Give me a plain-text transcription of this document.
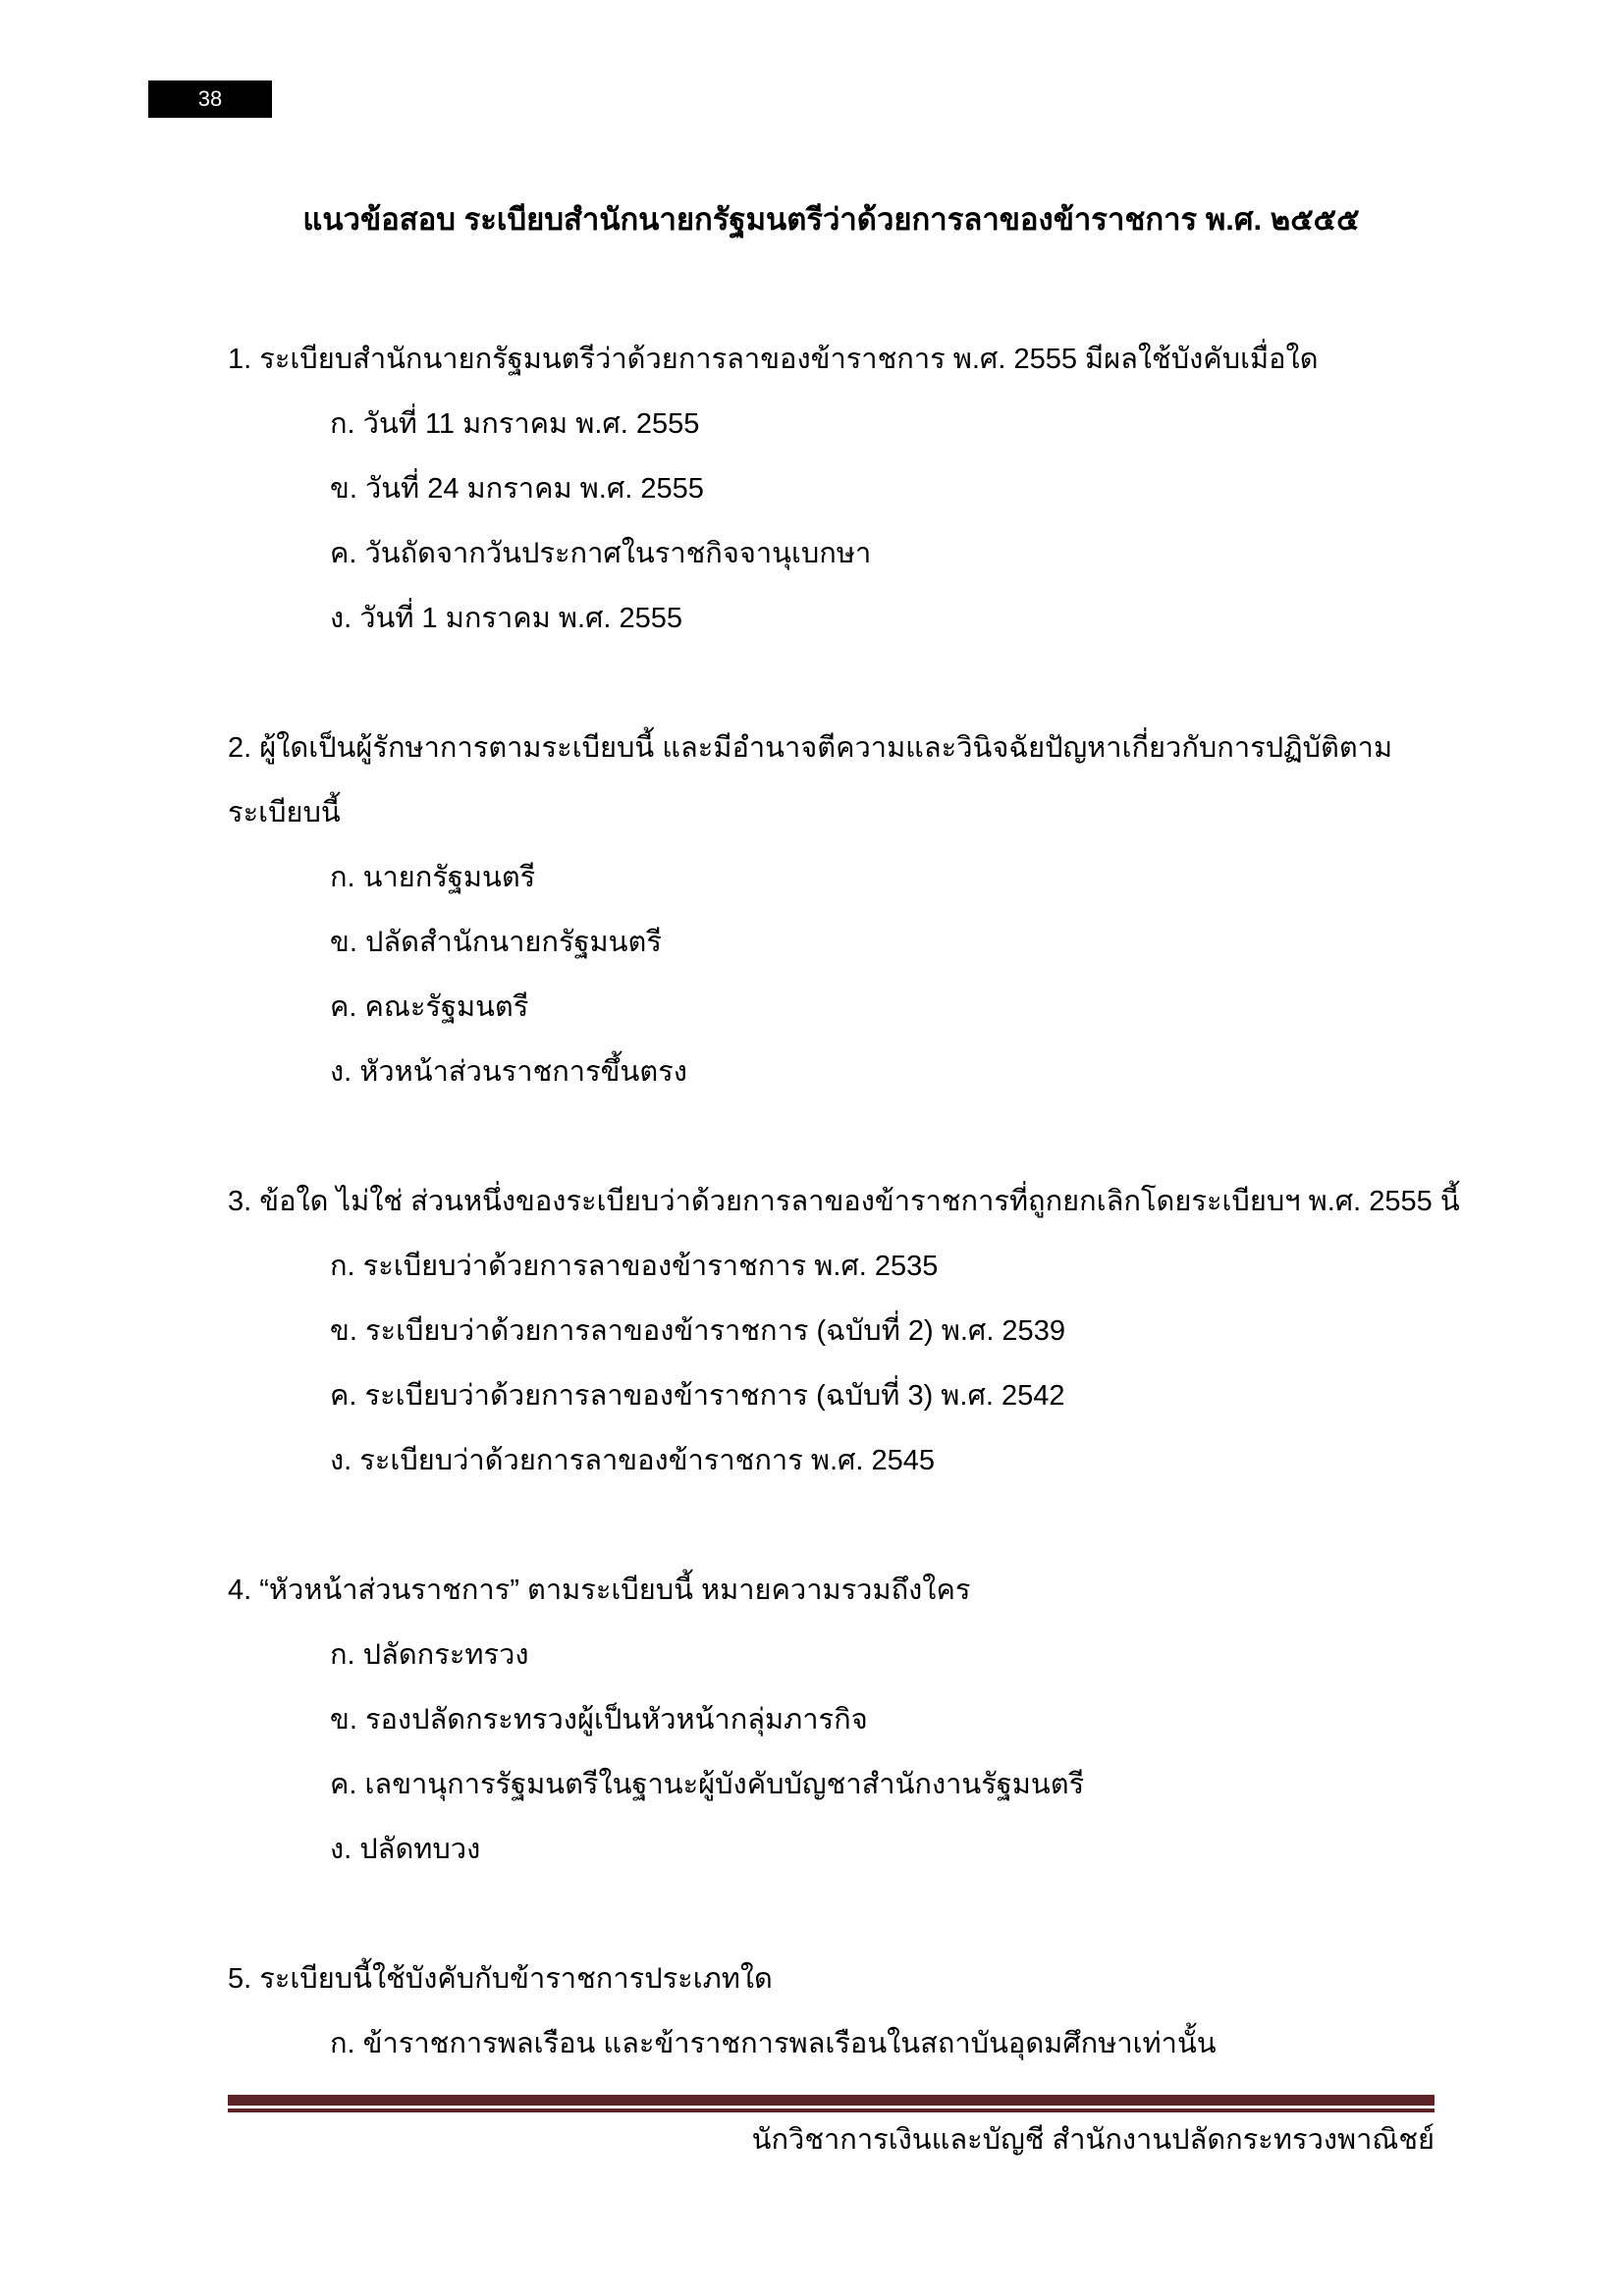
38
แนวข้อสอบ ระเบียบสำนักนายกรัฐมนตรีว่าด้วยการลาของข้าราชการ พ.ศ. ๒๕๕๕
1. ระเบียบสำนักนายกรัฐมนตรีว่าด้วยการลาของข้าราชการ พ.ศ. 2555 มีผลใช้บังคับเมื่อใด
ก. วันที่ 11 มกราคม พ.ศ. 2555
ข. วันที่ 24 มกราคม พ.ศ. 2555
ค. วันถัดจากวันประกาศในราชกิจจานุเบกษา
ง. วันที่ 1 มกราคม พ.ศ. 2555
2. ผู้ใดเป็นผู้รักษาการตามระเบียบนี้ และมีอำนาจตีความและวินิจฉัยปัญหาเกี่ยวกับการปฏิบัติตาม
ระเบียบนี้
ก. นายกรัฐมนตรี
ข. ปลัดสำนักนายกรัฐมนตรี
ค. คณะรัฐมนตรี
ง. หัวหน้าส่วนราชการขึ้นตรง
3. ข้อใด ไม่ใช่ ส่วนหนึ่งของระเบียบว่าด้วยการลาของข้าราชการที่ถูกยกเลิกโดยระเบียบฯ พ.ศ. 2555 นี้
ก. ระเบียบว่าด้วยการลาของข้าราชการ พ.ศ. 2535
ข. ระเบียบว่าด้วยการลาของข้าราชการ (ฉบับที่ 2) พ.ศ. 2539
ค. ระเบียบว่าด้วยการลาของข้าราชการ (ฉบับที่ 3) พ.ศ. 2542
ง. ระเบียบว่าด้วยการลาของข้าราชการ พ.ศ. 2545
4. “หัวหน้าส่วนราชการ” ตามระเบียบนี้ หมายความรวมถึงใคร
ก. ปลัดกระทรวง
ข. รองปลัดกระทรวงผู้เป็นหัวหน้ากลุ่มภารกิจ
ค. เลขานุการรัฐมนตรีในฐานะผู้บังคับบัญชาสำนักงานรัฐมนตรี
ง. ปลัดทบวง
5. ระเบียบนี้ใช้บังคับกับข้าราชการประเภทใด
ก. ข้าราชการพลเรือน และข้าราชการพลเรือนในสถาบันอุดมศึกษาเท่านั้น
นักวิชาการเงินและบัญชี สำนักงานปลัดกระทรวงพาณิชย์
